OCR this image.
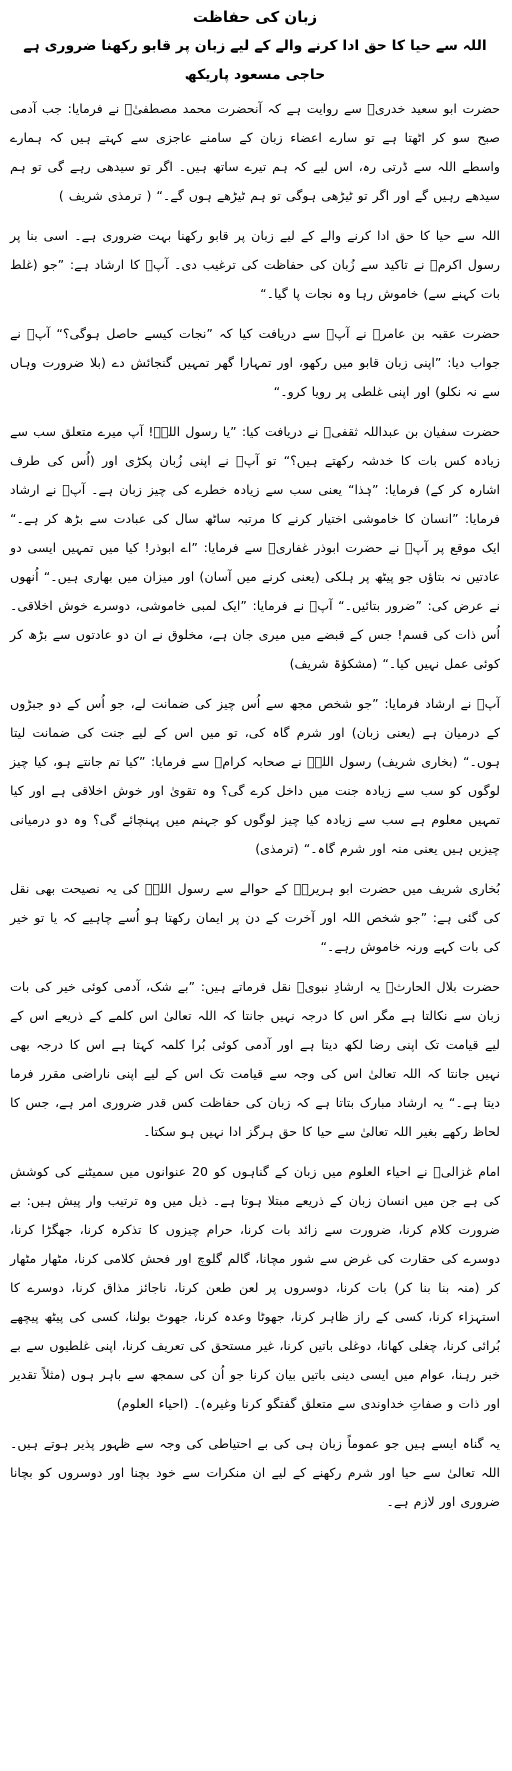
زبان کی حفاظت
اللہ سے حیا کا حق ادا کرنے والے کے لیے زبان پر قابو رکھنا ضروری ہے
حاجی مسعود پاریکھ

حضرت ابو سعید خدریؓ سے روایت ہے کہ آنحضرت محمد مصطفیٰؐ نے فرمایا: جب آدمی صبح سو کر اٹھتا ہے تو سارے اعضاء زبان کے سامنے عاجزی سے کہتے ہیں کہ ہمارے واسطے اللہ سے ڈرتی رہ، اس لیے کہ ہم تیرے ساتھ ہیں۔ اگر تو سیدھی رہے گی تو ہم سیدھے رہیں گے اور اگر تو ٹیڑھی ہوگی تو ہم ٹیڑھے ہوں گے۔“ ( ترمذی شریف )

اللہ سے حیا کا حق ادا کرنے والے کے لیے زبان پر قابو رکھنا بہت ضروری ہے۔ اسی بنا پر رسول اکرمؐ نے تاکید سے زُبان کی حفاظت کی ترغیب دی۔ آپؐ کا ارشاد ہے: ”جو (غلط بات کہنے سے) خاموش رہا وہ نجات پا گیا۔“

حضرت عقبہ بن عامرؓ نے آپؐ سے دریافت کیا کہ ”نجات کیسے حاصل ہوگی؟“ آپؐ نے جواب دیا: ”اپنی زبان قابو میں رکھو، اور تمہارا گھر تمہیں گنجائش دے (بلا ضرورت وہاں سے نہ نکلو) اور اپنی غلطی پر رویا کرو۔“

حضرت سفیان بن عبداللہ ثقفیؓ نے دریافت کیا: ”یا رسول اللہؐ! آپ میرے متعلق سب سے زیادہ کس بات کا خدشہ رکھتے ہیں؟“ تو آپؐ نے اپنی زُبان پکڑی اور (اُس کی طرف اشارہ کر کے) فرمایا: ”ہٰذا“ یعنی سب سے زیادہ خطرے کی چیز زبان ہے۔ آپؐ نے ارشاد فرمایا: ”انسان کا خاموشی اختیار کرنے کا مرتبہ ساٹھ سال کی عبادت سے بڑھ کر ہے۔“ ایک موقع پر آپؐ نے حضرت ابوذر غفاریؓ سے فرمایا: ”اے ابوذر! کیا میں تمہیں ایسی دو عادتیں نہ بتاؤں جو پیٹھ پر ہلکی (یعنی کرنے میں آسان) اور میزان میں بھاری ہیں۔“ اُنھوں نے عرض کی: ”ضرور بتائیں۔“ آپؐ نے فرمایا: ”ایک لمبی خاموشی، دوسرے خوش اخلاقی۔ اُس ذات کی قسم! جس کے قبضے میں میری جان ہے، مخلوق نے ان دو عادتوں سے بڑھ کر کوئی عمل نہیں کیا۔“ (مشکوٰۃ شریف)

آپؐ نے ارشاد فرمایا: ”جو شخص مجھ سے اُس چیز کی ضمانت لے، جو اُس کے دو جبڑوں کے درمیان ہے (یعنی زبان) اور شرم گاہ کی، تو میں اس کے لیے جنت کی ضمانت لیتا ہوں۔“ (بخاری شریف) رسول اللہؐ نے صحابہ کرامؓ سے فرمایا: ”کیا تم جانتے ہو، کیا چیز لوگوں کو سب سے زیادہ جنت میں داخل کرے گی؟ وہ تقویٰ اور خوش اخلاقی ہے اور کیا تمہیں معلوم ہے سب سے زیادہ کیا چیز لوگوں کو جہنم میں پہنچائے گی؟ وہ دو درمیانی چیزیں ہیں یعنی منہ اور شرم گاہ۔“ (ترمذی)

بُخاری شریف میں حضرت ابو ہریرہؓ کے حوالے سے رسول اللہؐ کی یہ نصیحت بھی نقل کی گئی ہے: ”جو شخص اللہ اور آخرت کے دن پر ایمان رکھتا ہو اُسے چاہیے کہ یا تو خیر کی بات کہے ورنہ خاموش رہے۔“

حضرت بلال الحارثؓ یہ ارشادِ نبویؐ نقل فرماتے ہیں: ”بے شک، آدمی کوئی خیر کی بات زبان سے نکالتا ہے مگر اس کا درجہ نہیں جانتا کہ اللہ تعالیٰ اس کلمے کے ذریعے اس کے لیے قیامت تک اپنی رضا لکھ دیتا ہے اور آدمی کوئی بُرا کلمہ کہتا ہے اس کا درجہ بھی نہیں جانتا کہ اللہ تعالیٰ اس کی وجہ سے قیامت تک اس کے لیے اپنی ناراضی مقرر فرما دیتا ہے۔“ یہ ارشاد مبارک بتاتا ہے کہ زبان کی حفاظت کس قدر ضروری امر ہے، جس کا لحاظ رکھے بغیر اللہ تعالیٰ سے حیا کا حق ہرگز ادا نہیں ہو سکتا۔

امام غزالیؒ نے احیاء العلوم میں زبان کے گناہوں کو 20 عنوانوں میں سمیٹنے کی کوشش کی ہے جن میں انسان زبان کے ذریعے مبتلا ہوتا ہے۔ ذیل میں وہ ترتیب وار پیش ہیں: بے ضرورت کلام کرنا، ضرورت سے زائد بات کرنا، حرام چیزوں کا تذکرہ کرنا، جھگڑا کرنا، دوسرے کی حقارت کی غرض سے شور مچانا، گالم گلوچ اور فحش کلامی کرنا، مٹھار مٹھار کر (منہ بنا بنا کر) بات کرنا، دوسروں پر لعن طعن کرنا، ناجائز مذاق کرنا، دوسرے کا استہزاء کرنا، کسی کے راز ظاہر کرنا، جھوٹا وعدہ کرنا، جھوٹ بولنا، کسی کی پیٹھ پیچھے بُرائی کرنا، چغلی کھانا، دوغلی باتیں کرنا، غیر مستحق کی تعریف کرنا، اپنی غلطیوں سے بے خبر رہنا، عوام میں ایسی دینی باتیں بیان کرنا جو اُن کی سمجھ سے باہر ہوں (مثلاً تقدیر اور ذات و صفاتِ خداوندی سے متعلق گفتگو کرنا وغیرہ)۔ (احیاء العلوم)

یہ گناہ ایسے ہیں جو عموماً زبان ہی کی بے احتیاطی کی وجہ سے ظہور پذیر ہوتے ہیں۔ اللہ تعالیٰ سے حیا اور شرم رکھنے کے لیے ان منکرات سے خود بچنا اور دوسروں کو بچانا ضروری اور لازم ہے۔
